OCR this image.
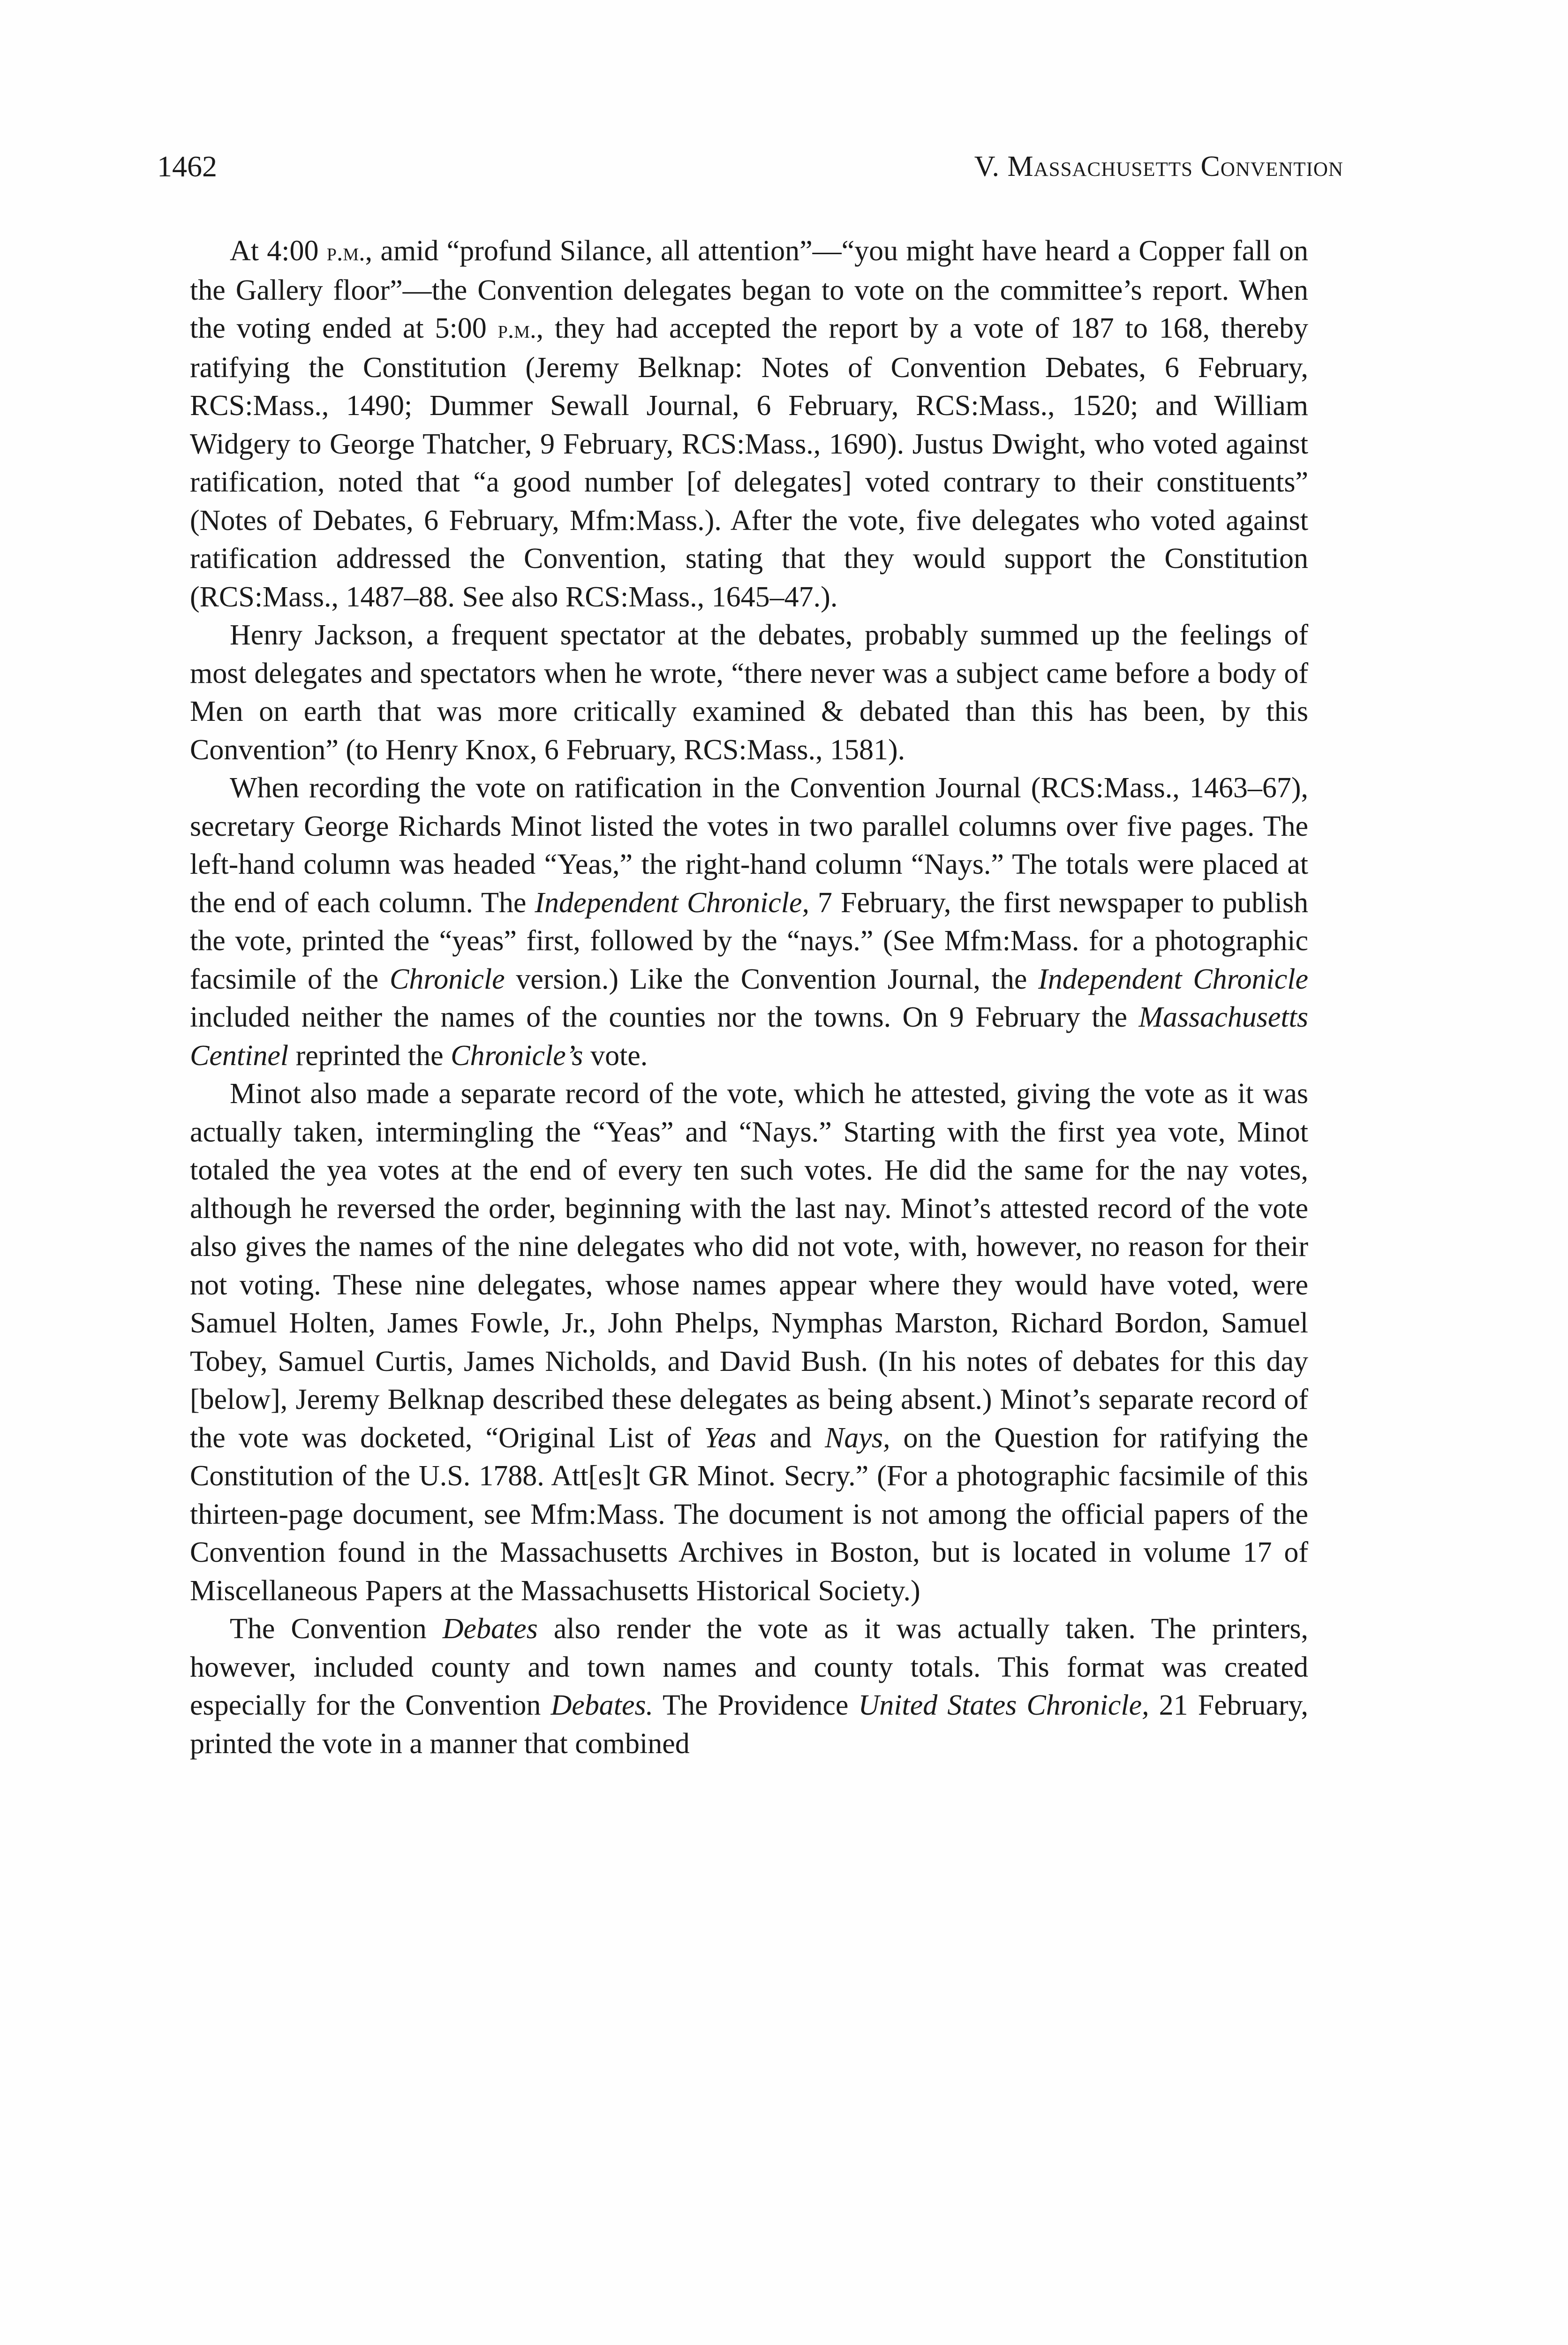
1462	V. Massachusetts Convention

At 4:00 p.m., amid “profund Silance, all attention”—“you might have heard a Copper fall on the Gallery floor”—the Convention delegates began to vote on the committee’s report. When the voting ended at 5:00 p.m., they had accepted the report by a vote of 187 to 168, thereby ratifying the Constitution (Jeremy Belknap: Notes of Convention Debates, 6 February, RCS:Mass., 1490; Dummer Sewall Journal, 6 February, RCS:Mass., 1520; and William Widgery to George Thatcher, 9 February, RCS:Mass., 1690). Justus Dwight, who voted against ratification, noted that “a good number [of delegates] voted contrary to their constituents” (Notes of Debates, 6 February, Mfm:Mass.). After the vote, five delegates who voted against ratification addressed the Convention, stating that they would support the Constitution (RCS:Mass., 1487–88. See also RCS:Mass., 1645–47.).

Henry Jackson, a frequent spectator at the debates, probably summed up the feelings of most delegates and spectators when he wrote, “there never was a subject came before a body of Men on earth that was more critically examined & debated than this has been, by this Convention” (to Henry Knox, 6 February, RCS:Mass., 1581).

When recording the vote on ratification in the Convention Journal (RCS:Mass., 1463–67), secretary George Richards Minot listed the votes in two parallel columns over five pages. The left-hand column was headed “Yeas,” the right-hand column “Nays.” The totals were placed at the end of each column. The Independent Chronicle, 7 February, the first newspaper to publish the vote, printed the “yeas” first, followed by the “nays.” (See Mfm:Mass. for a photographic facsimile of the Chronicle version.) Like the Convention Journal, the Independent Chronicle included neither the names of the counties nor the towns. On 9 February the Massachusetts Centinel reprinted the Chronicle’s vote.

Minot also made a separate record of the vote, which he attested, giving the vote as it was actually taken, intermingling the “Yeas” and “Nays.” Starting with the first yea vote, Minot totaled the yea votes at the end of every ten such votes. He did the same for the nay votes, although he reversed the order, beginning with the last nay. Minot’s attested record of the vote also gives the names of the nine delegates who did not vote, with, however, no reason for their not voting. These nine delegates, whose names appear where they would have voted, were Samuel Holten, James Fowle, Jr., John Phelps, Nymphas Marston, Richard Bordon, Samuel Tobey, Samuel Curtis, James Nicholds, and David Bush. (In his notes of debates for this day [below], Jeremy Belknap described these delegates as being absent.) Minot’s separate record of the vote was docketed, “Original List of Yeas and Nays, on the Question for ratifying the Constitution of the U.S. 1788. Att[es]t GR Minot. Secry.” (For a photographic facsimile of this thirteen-page document, see Mfm:Mass. The document is not among the official papers of the Convention found in the Massachusetts Archives in Boston, but is located in volume 17 of Miscellaneous Papers at the Massachusetts Historical Society.)

The Convention Debates also render the vote as it was actually taken. The printers, however, included county and town names and county totals. This format was created especially for the Convention Debates. The Providence United States Chronicle, 21 February, printed the vote in a manner that combined
